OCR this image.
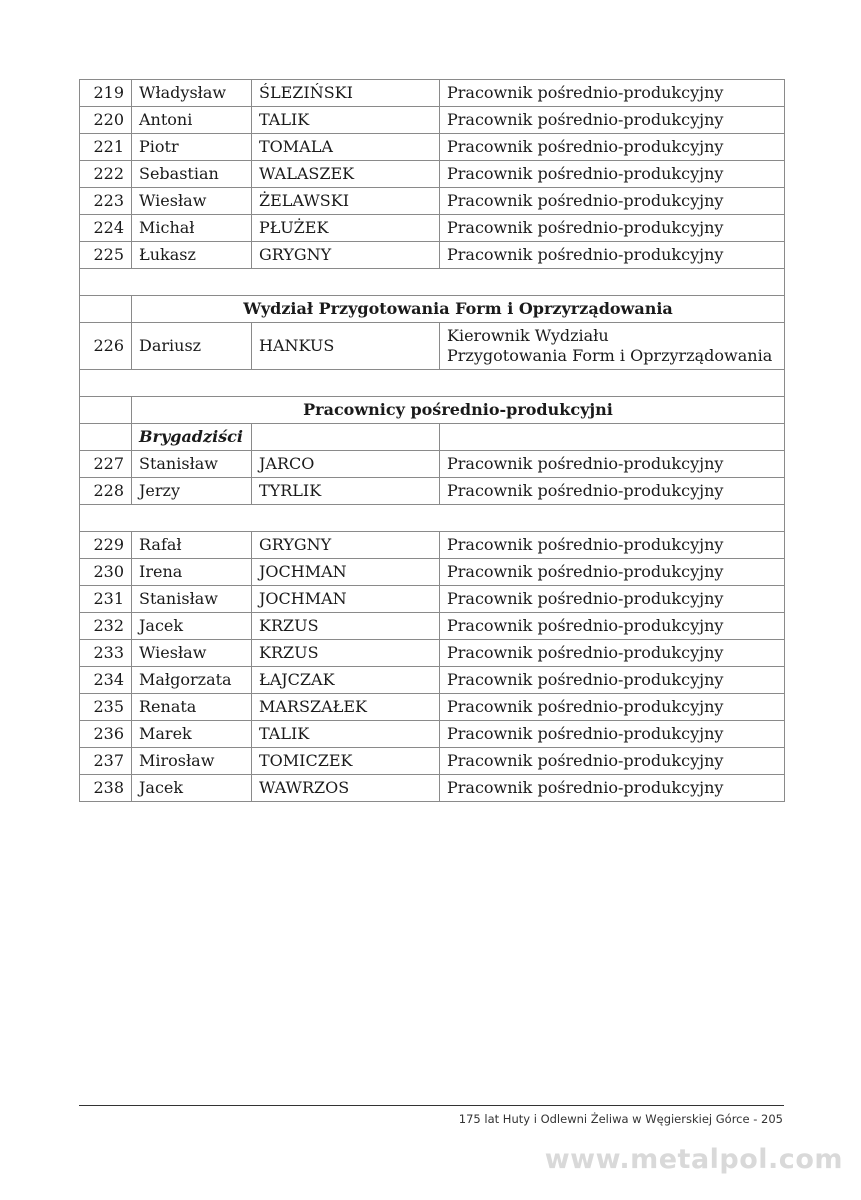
219	Władysław	ŚLEZIŃSKI	Pracownik pośrednio-produkcyjny
220	Antoni	TALIK	Pracownik pośrednio-produkcyjny
221	Piotr	TOMALA	Pracownik pośrednio-produkcyjny
222	Sebastian	WALASZEK	Pracownik pośrednio-produkcyjny
223	Wiesław	ŻELAWSKI	Pracownik pośrednio-produkcyjny
224	Michał	PŁUŻEK	Pracownik pośrednio-produkcyjny
225	Łukasz	GRYGNY	Pracownik pośrednio-produkcyjny

	Wydział Przygotowania Form i Oprzyrządowania		
226	Dariusz	HANKUS	Kierownik Wydziału
Przygotowania Form i Oprzyrządowania

	Pracownicy pośrednio-produkcyjni		
	Brygadziści		
227	Stanisław	JARCO	Pracownik pośrednio-produkcyjny
228	Jerzy	TYRLIK	Pracownik pośrednio-produkcyjny

229	Rafał	GRYGNY	Pracownik pośrednio-produkcyjny
230	Irena	JOCHMAN	Pracownik pośrednio-produkcyjny
231	Stanisław	JOCHMAN	Pracownik pośrednio-produkcyjny
232	Jacek	KRZUS	Pracownik pośrednio-produkcyjny
233	Wiesław	KRZUS	Pracownik pośrednio-produkcyjny
234	Małgorzata	ŁAJCZAK	Pracownik pośrednio-produkcyjny
235	Renata	MARSZAŁEK	Pracownik pośrednio-produkcyjny
236	Marek	TALIK	Pracownik pośrednio-produkcyjny
237	Mirosław	TOMICZEK	Pracownik pośrednio-produkcyjny
238	Jacek	WAWRZOS	Pracownik pośrednio-produkcyjny
175 lat Huty i Odlewni Żeliwa w Węgierskiej Górce - 205
www.metalpol.com
